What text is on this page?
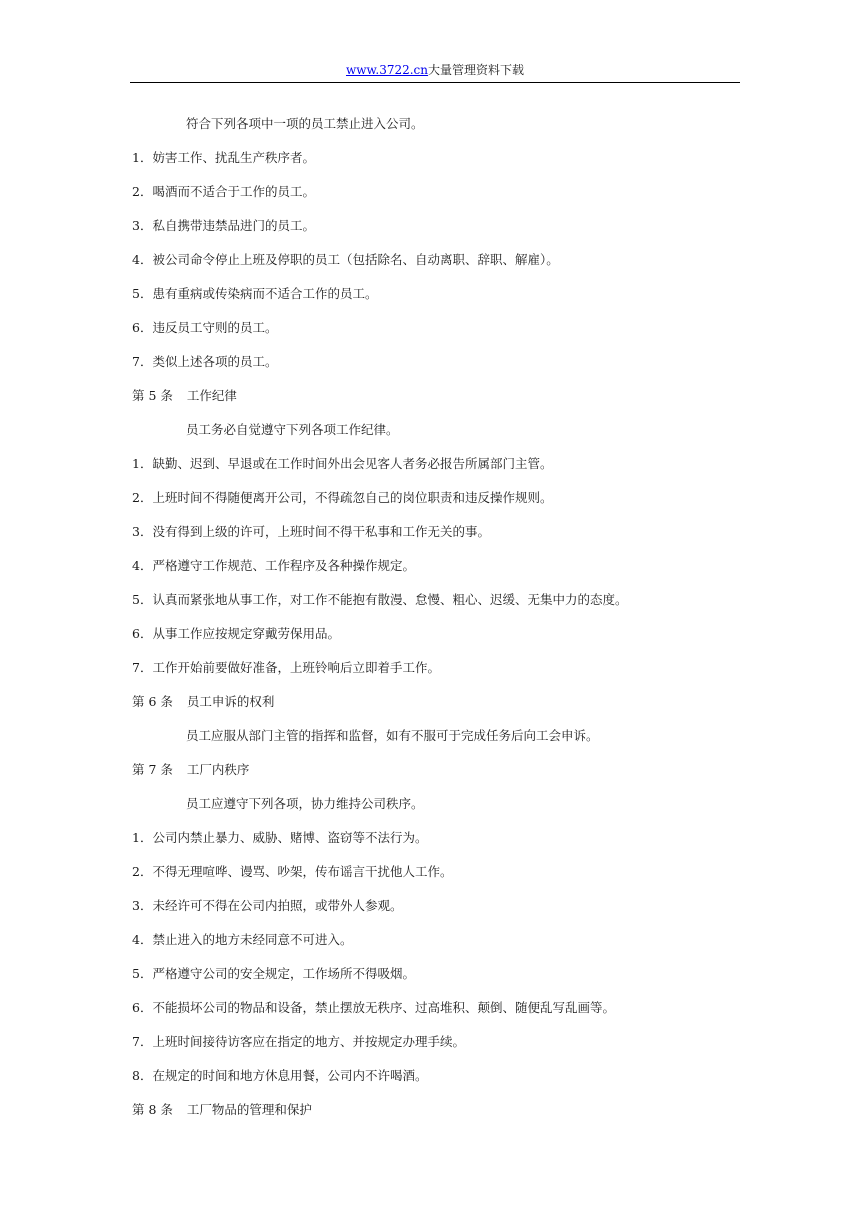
www.3722.cn大量管理资料下载
符合下列各项中一项的员工禁止进入公司。
1．妨害工作、扰乱生产秩序者。
2．喝酒而不适合于工作的员工。
3．私自携带违禁品进门的员工。
4．被公司命令停止上班及停职的员工（包括除名、自动离职、辞职、解雇）。
5．患有重病或传染病而不适合工作的员工。
6．违反员工守则的员工。
7．类似上述各项的员工。
第 5 条 工作纪律
员工务必自觉遵守下列各项工作纪律。
1．缺勤、迟到、早退或在工作时间外出会见客人者务必报告所属部门主管。
2．上班时间不得随便离开公司，不得疏忽自己的岗位职责和违反操作规则。
3．没有得到上级的许可，上班时间不得干私事和工作无关的事。
4．严格遵守工作规范、工作程序及各种操作规定。
5．认真而紧张地从事工作，对工作不能抱有散漫、怠慢、粗心、迟缓、无集中力的态度。
6．从事工作应按规定穿戴劳保用品。
7．工作开始前要做好准备，上班铃响后立即着手工作。
第 6 条 员工申诉的权利
员工应服从部门主管的指挥和监督，如有不服可于完成任务后向工会申诉。
第 7 条 工厂内秩序
员工应遵守下列各项，协力维持公司秩序。
1．公司内禁止暴力、威胁、赌博、盗窃等不法行为。
2．不得无理喧哗、谩骂、吵架，传布谣言干扰他人工作。
3．未经许可不得在公司内拍照，或带外人参观。
4．禁止进入的地方未经同意不可进入。
5．严格遵守公司的安全规定，工作场所不得吸烟。
6．不能损坏公司的物品和设备，禁止摆放无秩序、过高堆积、颠倒、随便乱写乱画等。
7．上班时间接待访客应在指定的地方、并按规定办理手续。
8．在规定的时间和地方休息用餐，公司内不许喝酒。
第 8 条 工厂物品的管理和保护
